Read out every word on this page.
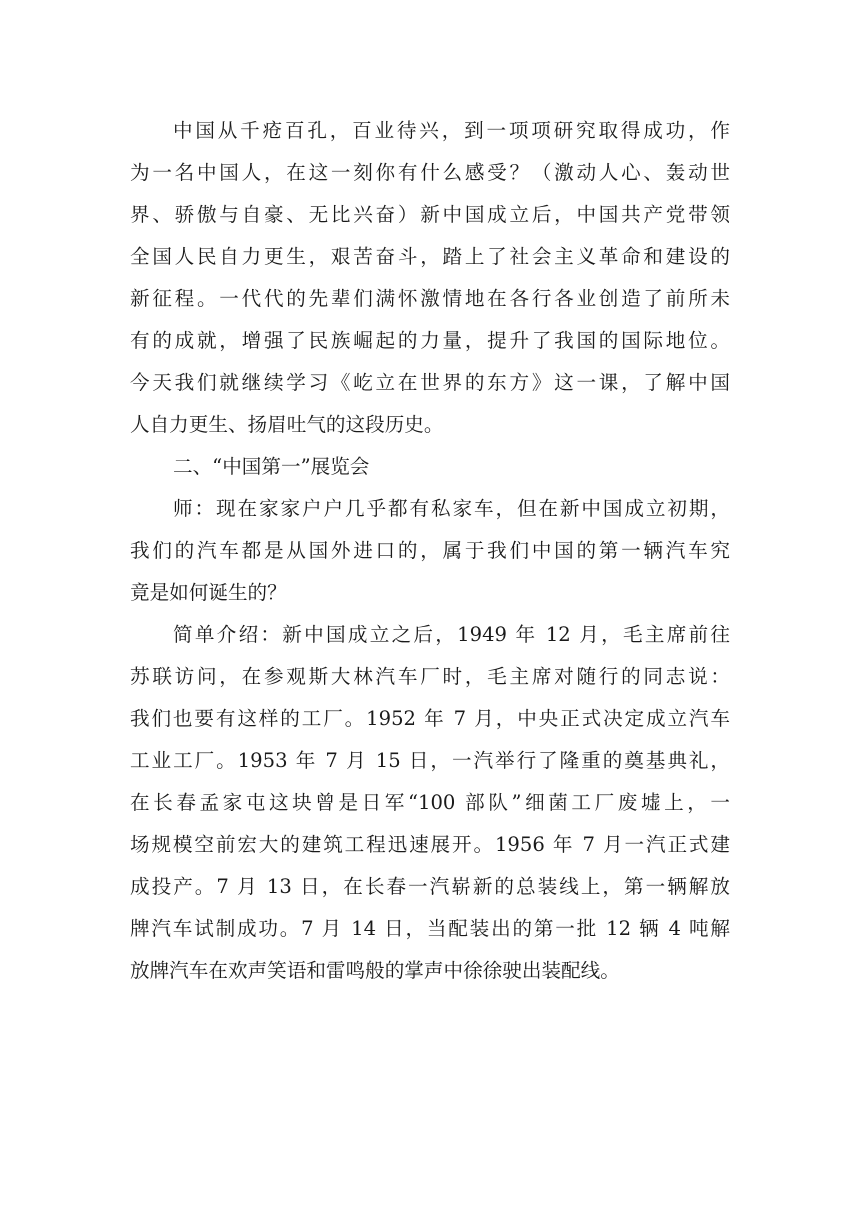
中国从千疮百孔，百业待兴，到一项项研究取得成功，作

为一名中国人，在这一刻你有什么感受？（激动人心、轰动世

界、骄傲与自豪、无比兴奋）新中国成立后，中国共产党带领

全国人民自力更生，艰苦奋斗，踏上了社会主义革命和建设的

新征程。一代代的先辈们满怀激情地在各行各业创造了前所未

有的成就，增强了民族崛起的力量，提升了我国的国际地位。

今天我们就继续学习《屹立在世界的东方》这一课，了解中国

人自力更生、扬眉吐气的这段历史。

二、“中国第一”展览会

师：现在家家户户几乎都有私家车，但在新中国成立初期，

我们的汽车都是从国外进口的，属于我们中国的第一辆汽车究

竟是如何诞生的？

简单介绍：新中国成立之后，1949 年 12 月，毛主席前往

苏联访问，在参观斯大林汽车厂时，毛主席对随行的同志说：

我们也要有这样的工厂。1952 年 7 月，中央正式决定成立汽车

工业工厂。1953 年 7 月 15 日，一汽举行了隆重的奠基典礼，

在长春孟家屯这块曾是日军“100 部队”细菌工厂废墟上，一

场规模空前宏大的建筑工程迅速展开。1956 年 7 月一汽正式建

成投产。7 月 13 日，在长春一汽崭新的总装线上，第一辆解放

牌汽车试制成功。7 月 14 日，当配装出的第一批 12 辆 4 吨解

放牌汽车在欢声笑语和雷鸣般的掌声中徐徐驶出装配线。
